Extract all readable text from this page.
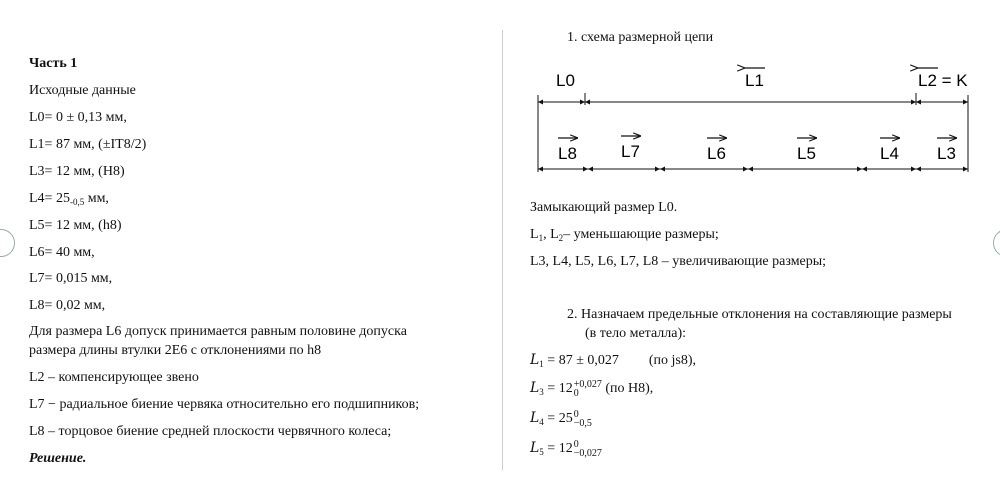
Часть 1
Исходные данные
L0= 0 ± 0,13 мм,
L1= 87 мм, (±IT8/2)
L3= 12 мм, (H8)
$L4= 25_{-0,5}$ мм,
L5= 12 мм, (h8)
L6= 40 мм,
L7= 0,015 мм,
L8= 0,02 мм,
Для размера L6 допуск принимается равным половине допуска
размера длины втулки 2Е6 с отклонениями по h8
L2 – компенсирующее звено
L7 − радиальное биение червяка относительно его подшипников;
L8 – торцовое биение средней плоскости червячного колеса;
Решение.
1. схема размерной цепи
L0	L1	L2 = K
L8	L7	L6	L5	L4 L3
Замыкающий размер L0.
$L_1$, $L_2-$ уменьшающие размеры;
L3, L4, L5, L6, L7, L8 – увеличивающие размеры;
2. Назначаем предельные отклонения на составляющие размеры
(в тело металла):
$L_1 = 87 \pm 0,027$ (по js8),
$L_3 = 12 +0,027$
0	(по H8),
$L_4 = 25$ 0
−0,5
$L_5 = 12$ 0
−0,027
